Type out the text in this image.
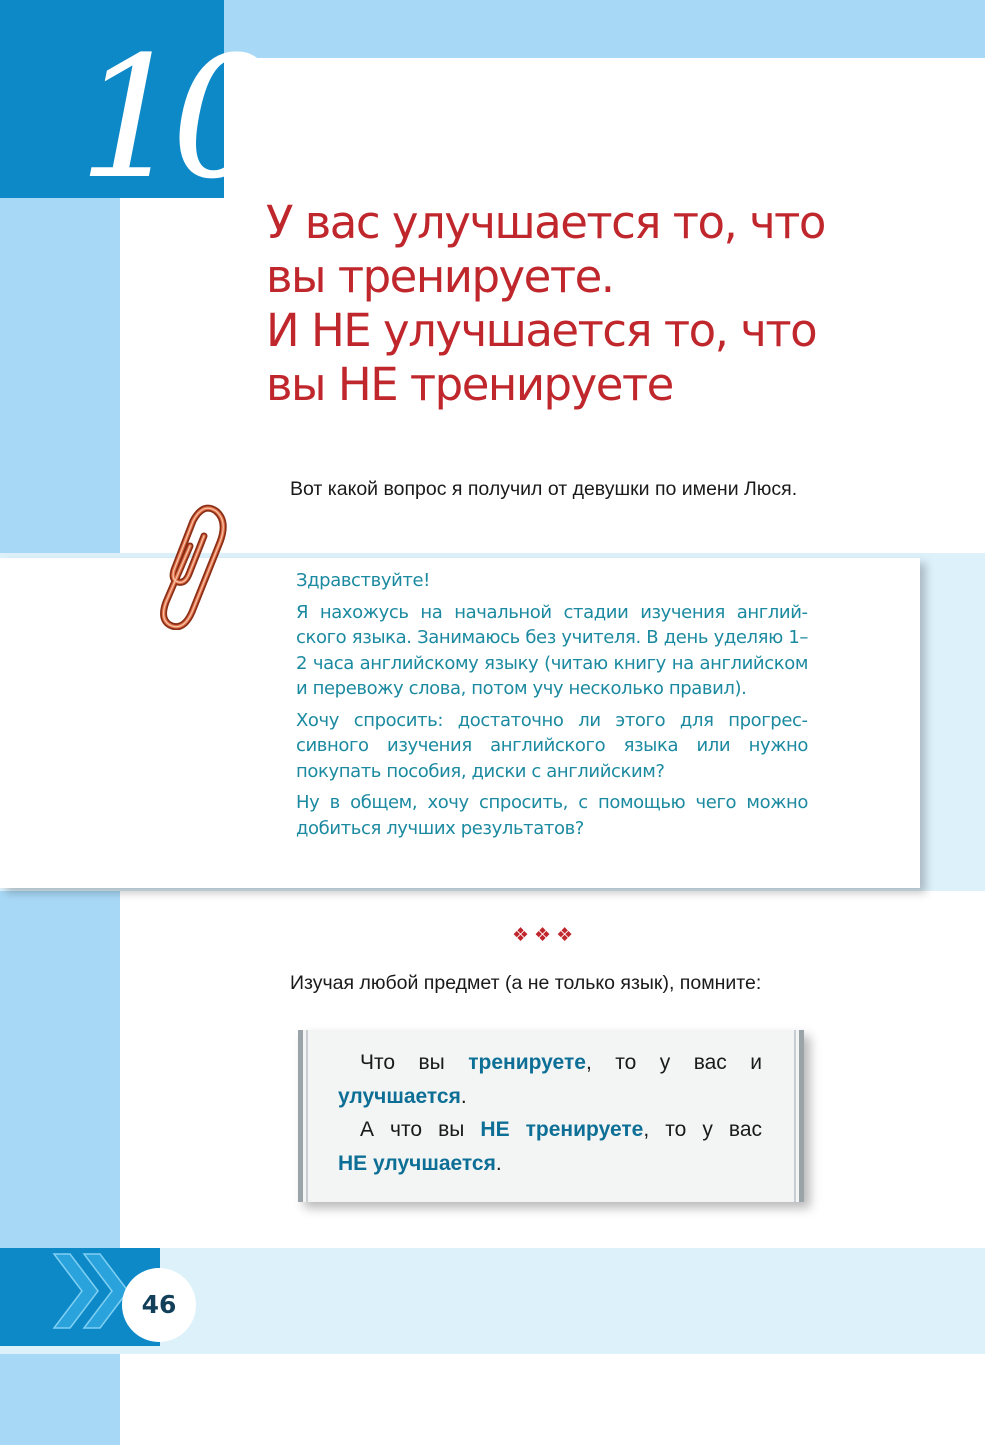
10
У вас улучшается то, что
вы тренируете.
И НЕ улучшается то, что
вы НЕ тренируете
Вот какой вопрос я получил от девушки по имени Люся.

Здравствуйте!

Я нахожусь на начальной стадии изучения английского языка. Занимаюсь без учителя. В день уделяю 1–2 часа английскому языку (читаю книгу на английском и перевожу слова, потом учу несколько правил).

Хочу спросить: достаточно ли этого для прогрессивного изучения английского языка или нужно покупать пособия, диски с английским?

Ну в общем, хочу спросить, с помощью чего можно добиться лучших результатов?

❖❖❖
Изучая любой предмет (а не только язык), помните:

Что вы тренируете, то у вас и

улучшается.

А что вы НЕ тренируете, то у вас

НЕ улучшается.

46
